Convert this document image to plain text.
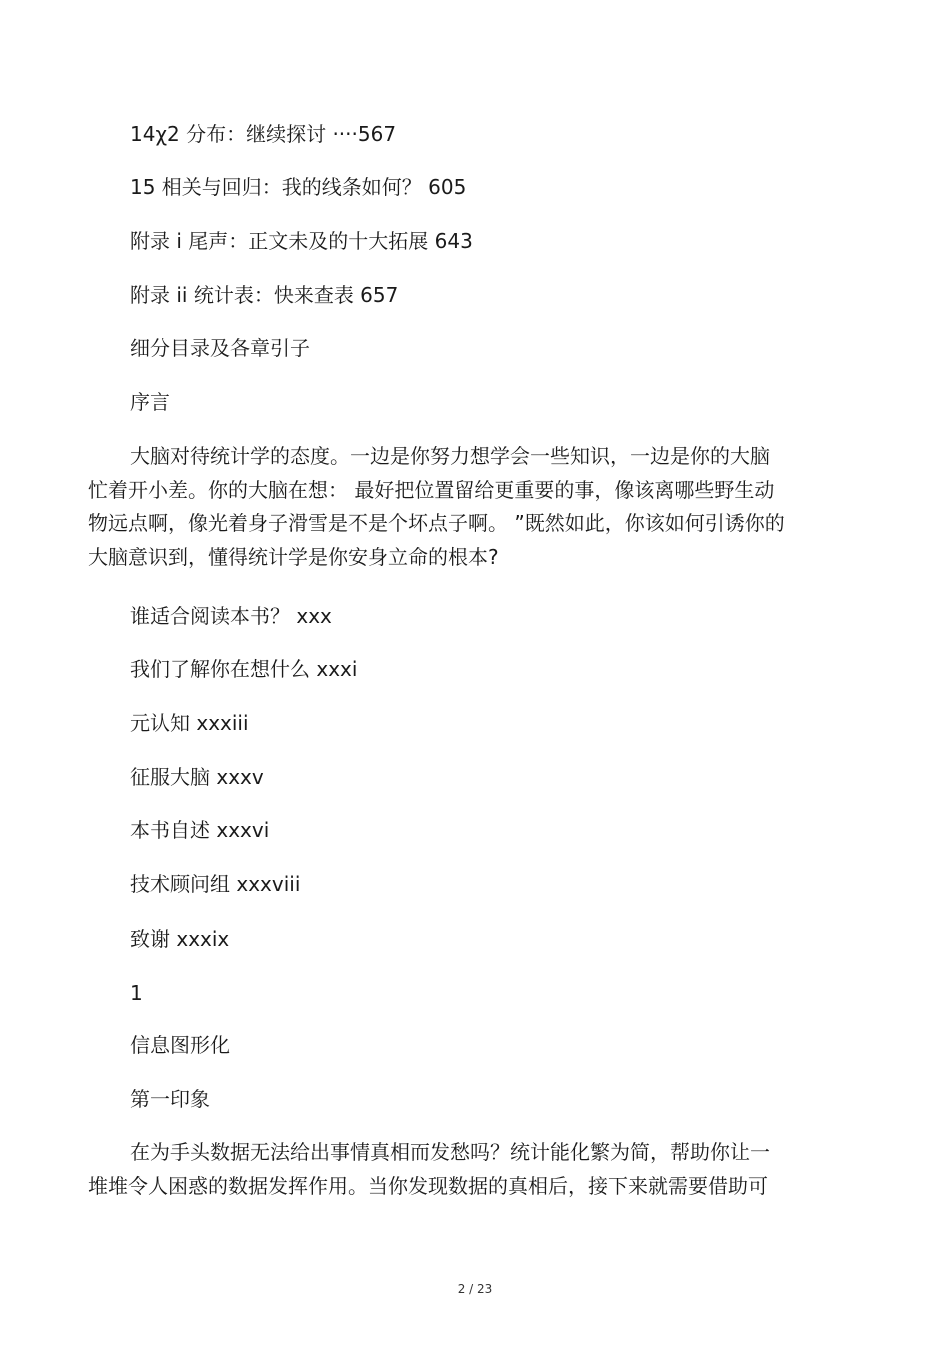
14χ2 分布：继续探讨 ····567
15 相关与回归：我的线条如何？ 605
附录 i 尾声：正文未及的十大拓展 643
附录 ii 统计表：快来查表 657
细分目录及各章引子
序言
大脑对待统计学的态度。一边是你努力想学会一些知识，一边是你的大脑
忙着开小差。你的大脑在想： 最好把位置留给更重要的事，像该离哪些野生动
物远点啊，像光着身子滑雪是不是个坏点子啊。 ”既然如此，你该如何引诱你的
大脑意识到，懂得统计学是你安身立命的根本?
谁适合阅读本书？ xxx
我们了解你在想什么 xxxi
元认知 xxxiii
征服大脑 xxxv
本书自述 xxxvi
技术顾问组 xxxviii
致谢 xxxix
1
信息图形化
第一印象
在为手头数据无法给出事情真相而发愁吗？统计能化繁为简，帮助你让一
堆堆令人困惑的数据发挥作用。当你发现数据的真相后，接下来就需要借助可
2 / 23
